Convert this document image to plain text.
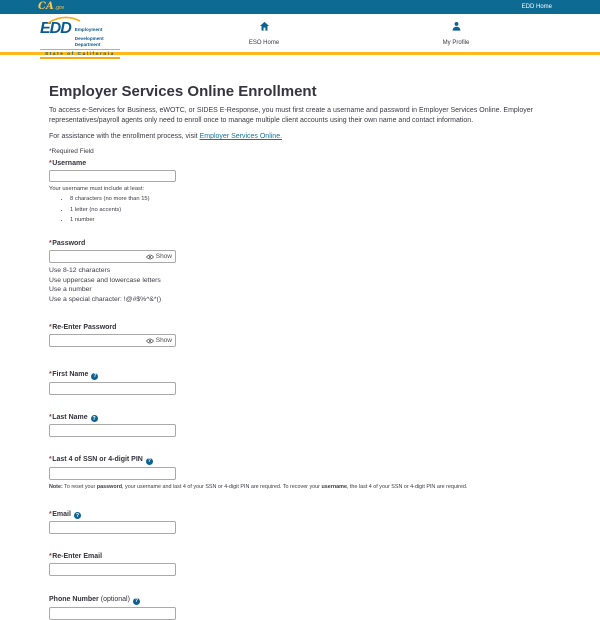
CA .gov	EDD Home
EDD Employment
Development
Department
State of California
ESO Home	My Profile
Employer Services Online Enrollment

To access e-Services for Business, eWOTC, or SIDES E-Response, you must first create a username and password in Employer Services Online. Employer representatives/payroll agents only need to enroll once to manage multiple client accounts using their own name and contact information.

For assistance with the enrollment process, visit Employer Services Online.

*Required Field

*Username
Your username must include at least:
• 8 characters (no more than 15)
• 1 letter (no accents)
• 1 number
*Password
Show
Use 8-12 characters
Use uppercase and lowercase letters
Use a number
Use a special character: !@#$%^&*()
*Re-Enter Password
Show
*First Name ?
*Last Name ?
*Last 4 of SSN or 4-digit PIN ?
Note: To reset your password, your username and last 4 of your SSN or 4-digit PIN are required. To recover your username, the last 4 of your SSN or 4-digit PIN are required.
*Email ?
*Re-Enter Email
Phone Number (optional) ?
